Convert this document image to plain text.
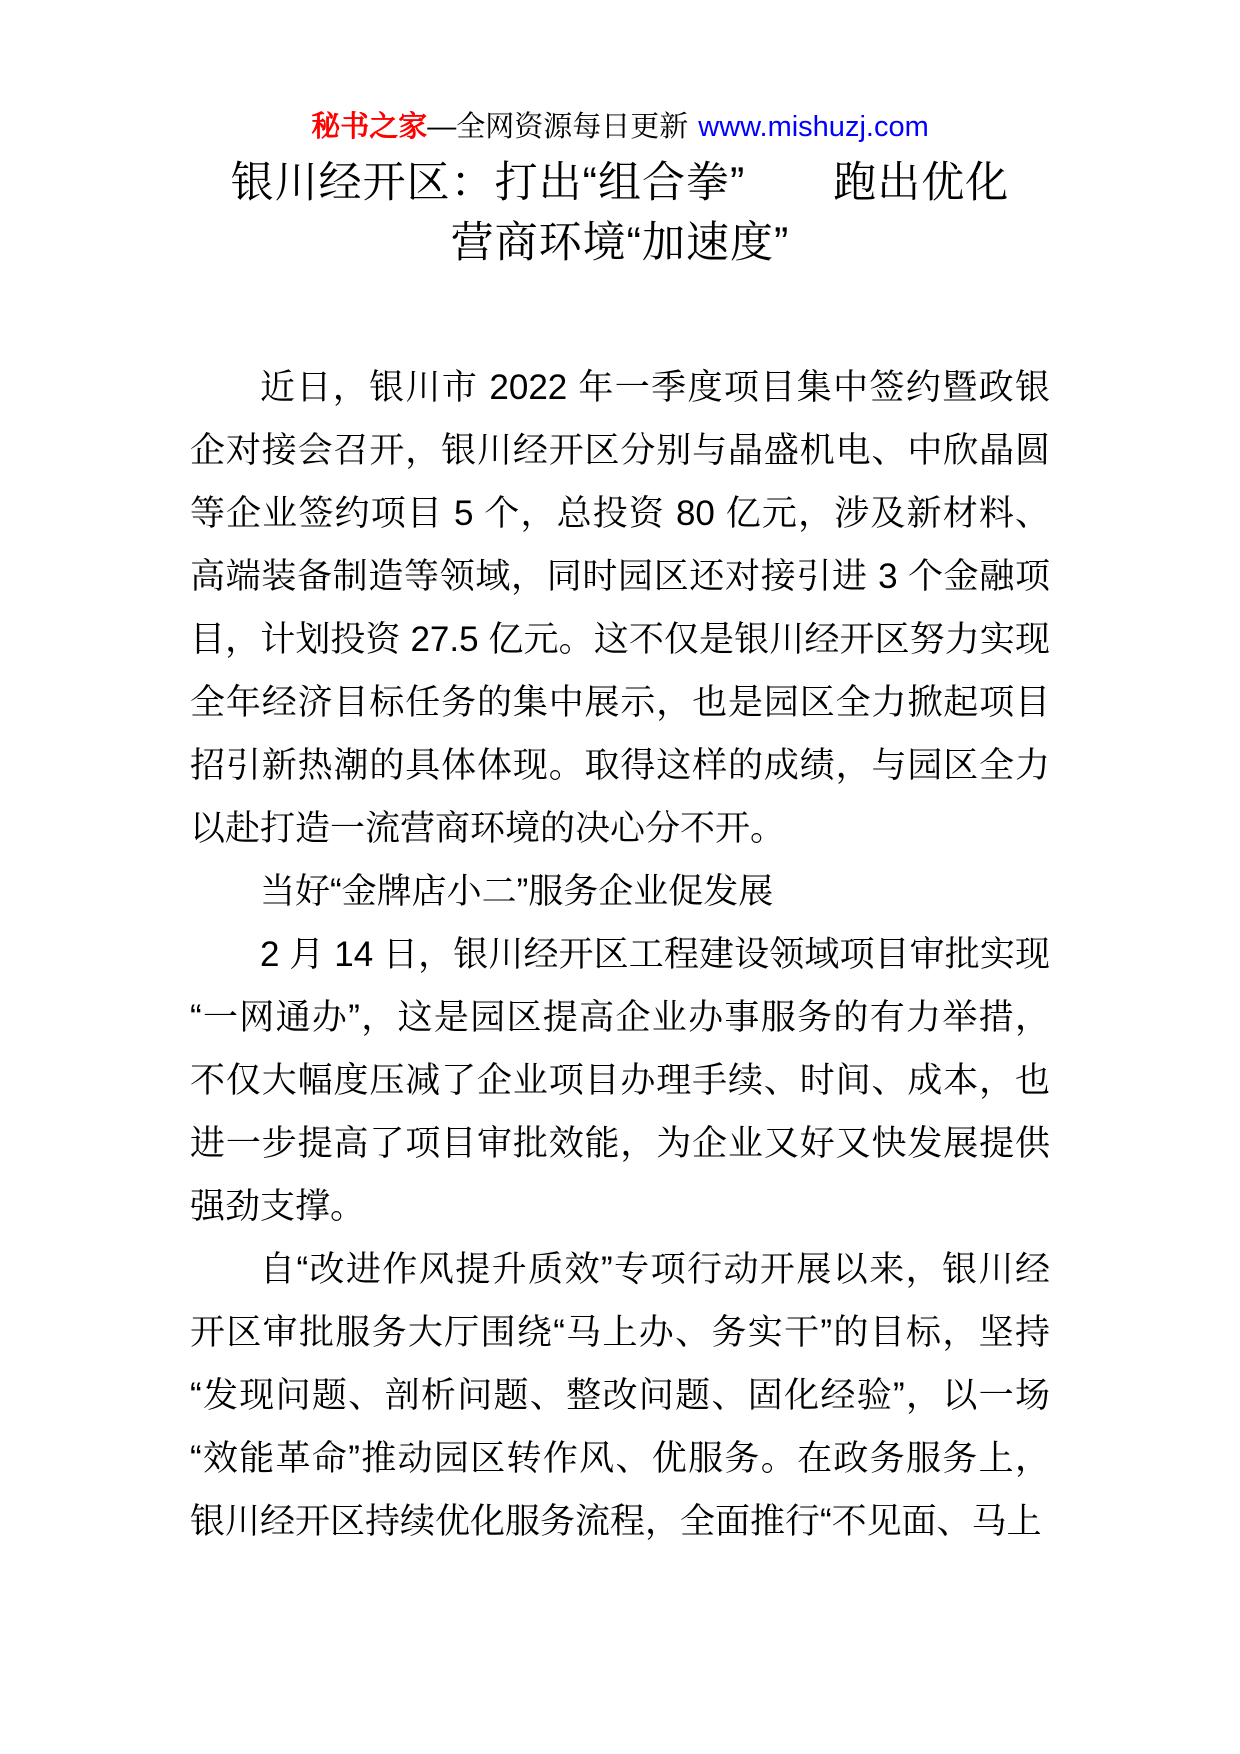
秘书之家—全网资源每日更新 www.mishuzj.com
银川经开区：打出“组合拳”　　跑出优化
营商环境“加速度”

近日，银川市 2022 年一季度项目集中签约暨政银企对接会召开，银川经开区分别与晶盛机电、中欣晶圆等企业签约项目 5 个，总投资 80 亿元，涉及新材料、高端装备制造等领域，同时园区还对接引进 3 个金融项目，计划投资 27.5 亿元。这不仅是银川经开区努力实现全年经济目标任务的集中展示，也是园区全力掀起项目招引新热潮的具体体现。取得这样的成绩，与园区全力以赴打造一流营商环境的决心分不开。

当好“金牌店小二”服务企业促发展

2 月 14 日，银川经开区工程建设领域项目审批实现“一网通办”，这是园区提高企业办事服务的有力举措，不仅大幅度压减了企业项目办理手续、时间、成本，也进一步提高了项目审批效能，为企业又好又快发展提供强劲支撑。

自“改进作风提升质效”专项行动开展以来，银川经开区审批服务大厅围绕“马上办、务实干”的目标，坚持“发现问题、剖析问题、整改问题、固化经验”，以一场“效能革命”推动园区转作风、优服务。在政务服务上，银川经开区持续优化服务流程，全面推行“不见面、马上
